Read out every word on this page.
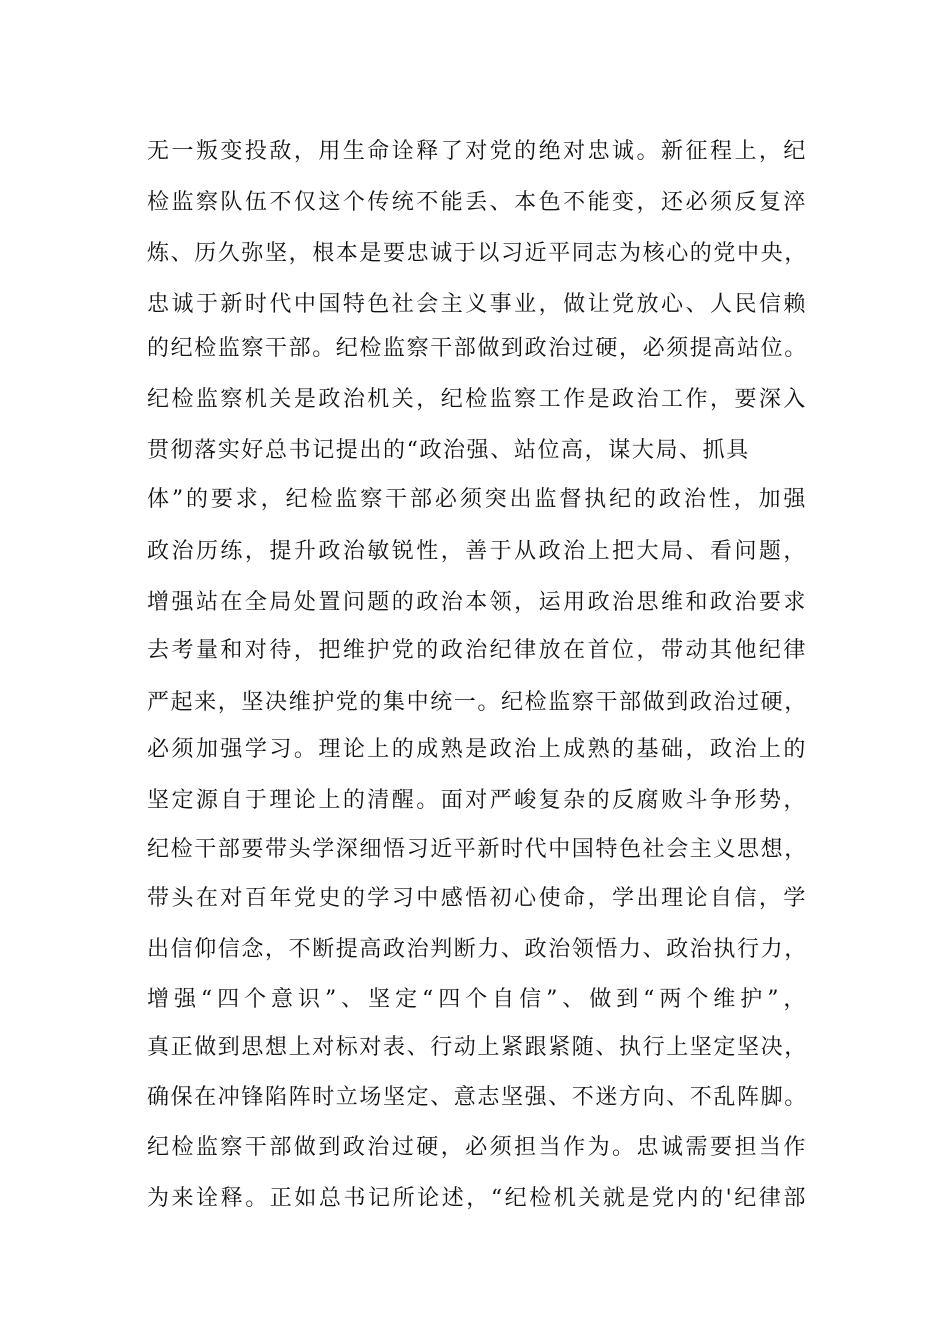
无一叛变投敌，用生命诠释了对党的绝对忠诚。新征程上，纪
检监察队伍不仅这个传统不能丢、本色不能变，还必须反复淬
炼、历久弥坚，根本是要忠诚于以习近平同志为核心的党中央，
忠诚于新时代中国特色社会主义事业，做让党放心、人民信赖
的纪检监察干部。纪检监察干部做到政治过硬，必须提高站位。
纪检监察机关是政治机关，纪检监察工作是政治工作，要深入
贯彻落实好总书记提出的“政治强、站位高，谋大局、抓具
体”的要求，纪检监察干部必须突出监督执纪的政治性，加强
政治历练，提升政治敏锐性，善于从政治上把大局、看问题，
增强站在全局处置问题的政治本领，运用政治思维和政治要求
去考量和对待，把维护党的政治纪律放在首位，带动其他纪律
严起来，坚决维护党的集中统一。纪检监察干部做到政治过硬，
必须加强学习。理论上的成熟是政治上成熟的基础，政治上的
坚定源自于理论上的清醒。面对严峻复杂的反腐败斗争形势，
纪检干部要带头学深细悟习近平新时代中国特色社会主义思想，
带头在对百年党史的学习中感悟初心使命，学出理论自信，学
出信仰信念，不断提高政治判断力、政治领悟力、政治执行力，
增强“四个意识”、坚定“四个自信”、做到“两个维护”，
真正做到思想上对标对表、行动上紧跟紧随、执行上坚定坚决，
确保在冲锋陷阵时立场坚定、意志坚强、不迷方向、不乱阵脚。
纪检监察干部做到政治过硬，必须担当作为。忠诚需要担当作
为来诠释。正如总书记所论述，“纪检机关就是党内的'纪律部
